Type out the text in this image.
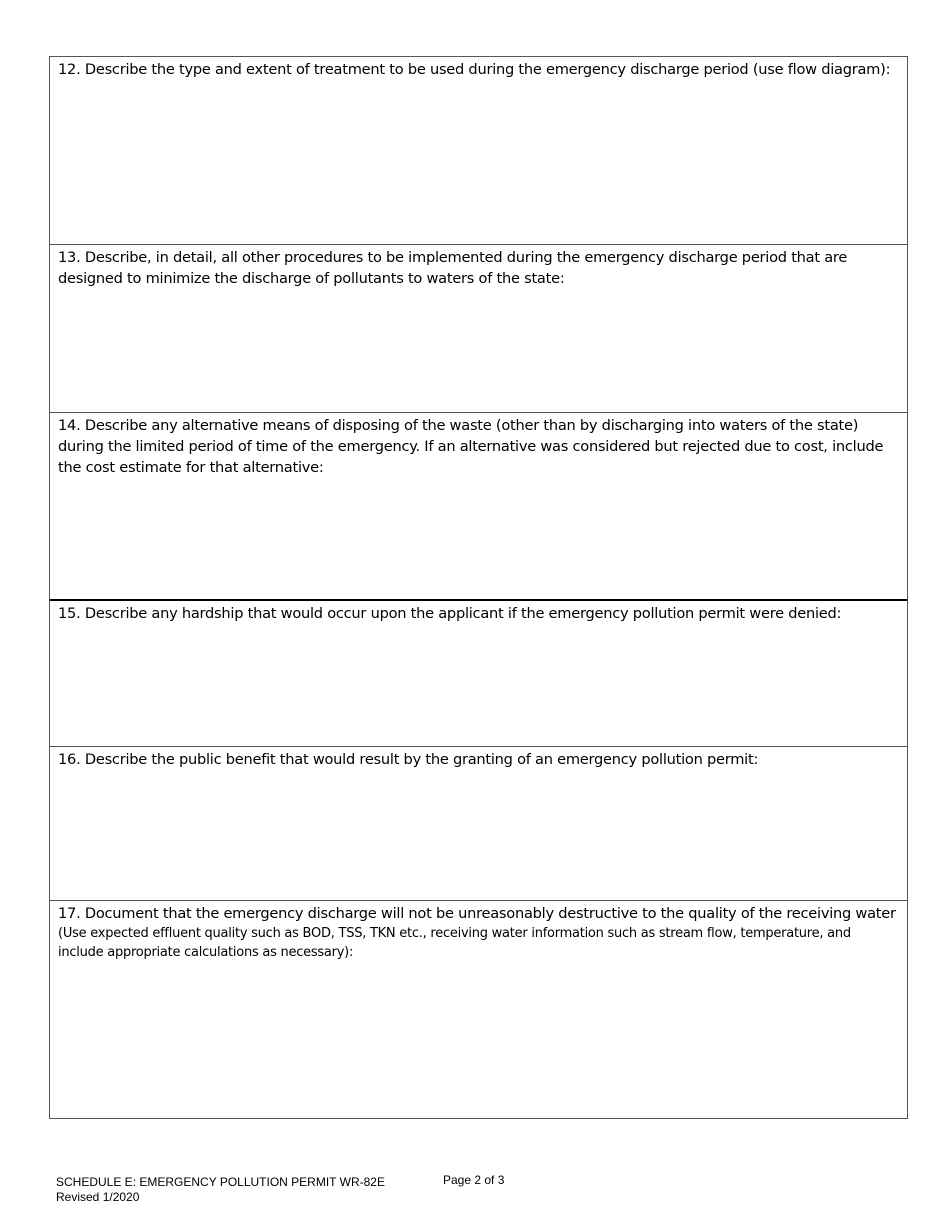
12. Describe the type and extent of treatment to be used during the emergency discharge period (use flow diagram):
13. Describe, in detail, all other procedures to be implemented during the emergency discharge period that are designed to minimize the discharge of pollutants to waters of the state:
14. Describe any alternative means of disposing of the waste (other than by discharging into waters of the state) during the limited period of time of the emergency. If an alternative was considered but rejected due to cost, include the cost estimate for that alternative:
15. Describe any hardship that would occur upon the applicant if the emergency pollution permit were denied:
16. Describe the public benefit that would result by the granting of an emergency pollution permit:
17. Document that the emergency discharge will not be unreasonably destructive to the quality of the receiving water
(Use expected effluent quality such as BOD, TSS, TKN etc., receiving water information such as stream flow, temperature, and include appropriate calculations as necessary):
SCHEDULE E: EMERGENCY POLLUTION PERMIT WR-82E
Revised 1/2020
Page 2 of 3
